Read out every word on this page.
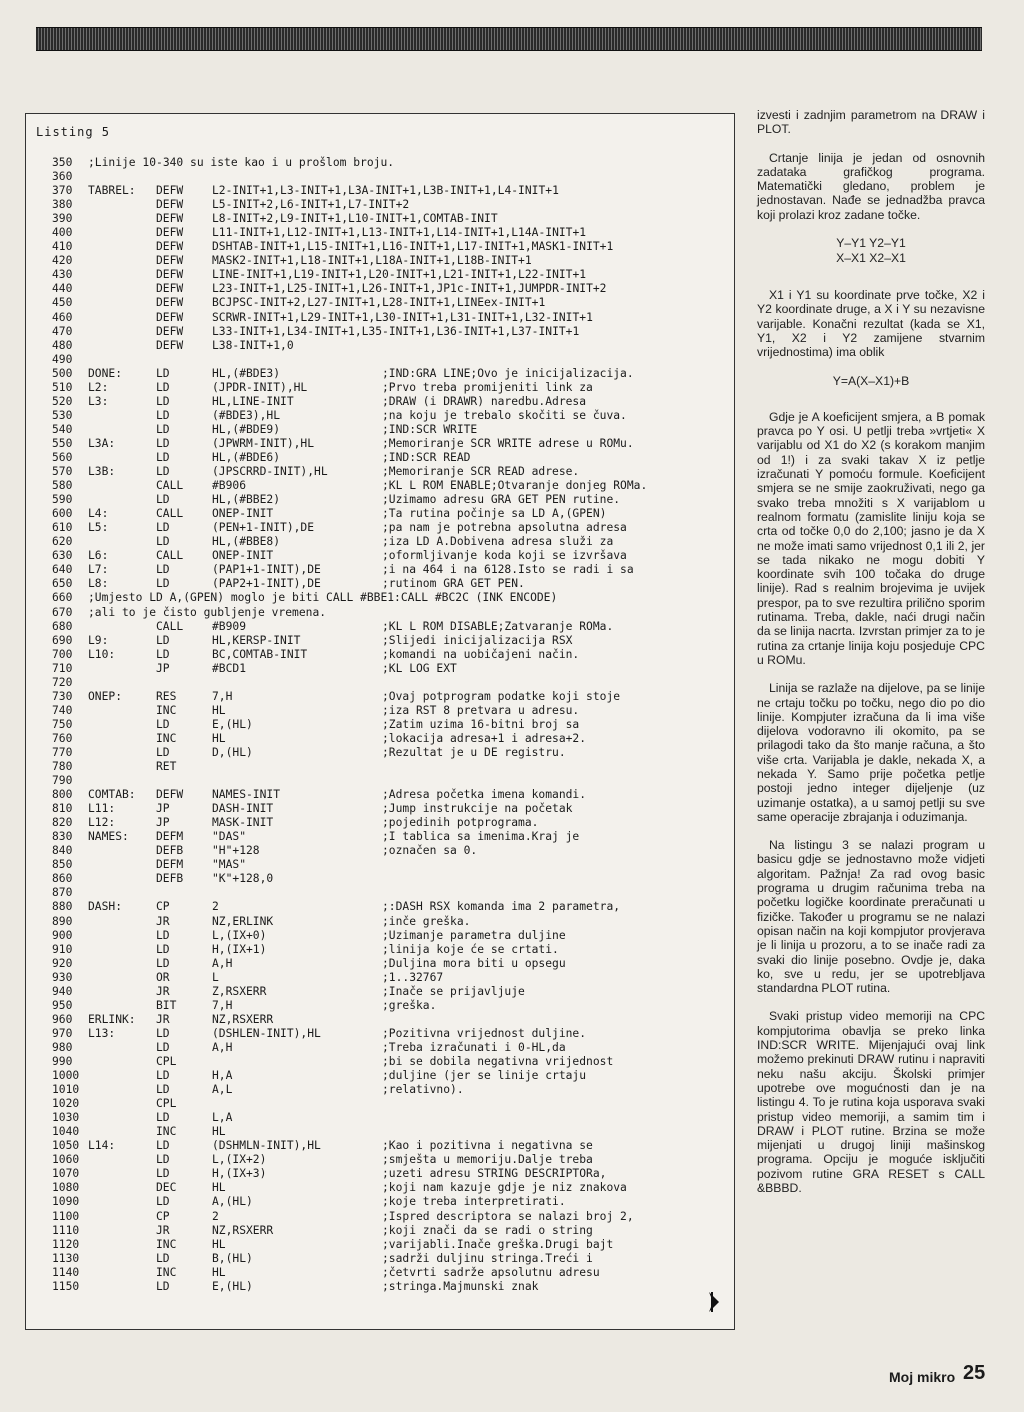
Listing 5
350 ;Linije 10-340 su iste kao i u prošlom broju.
360
370 TABREL: DEFW	L2-INIT+1,L3-INIT+1,L3A-INIT+1,L3B-INIT+1,L4-INIT+1
380	DEFW	L5-INIT+2,L6-INIT+1,L7-INIT+2
390	DEFW	L8-INIT+2,L9-INIT+1,L10-INIT+1,COMTAB-INIT
400	DEFW	L11-INIT+1,L12-INIT+1,L13-INIT+1,L14-INIT+1,L14A-INIT+1
410	DEFW	DSHTAB-INIT+1,L15-INIT+1,L16-INIT+1,L17-INIT+1,MASK1-INIT+1
420	DEFW	MASK2-INIT+1,L18-INIT+1,L18A-INIT+1,L18B-INIT+1
430	DEFW	LINE-INIT+1,L19-INIT+1,L20-INIT+1,L21-INIT+1,L22-INIT+1
440	DEFW	L23-INIT+1,L25-INIT+1,L26-INIT+1,JP1c-INIT+1,JUMPDR-INIT+2
450	DEFW	BCJPSC-INIT+2,L27-INIT+1,L28-INIT+1,LINEex-INIT+1
460	DEFW	SCRWR-INIT+1,L29-INIT+1,L30-INIT+1,L31-INIT+1,L32-INIT+1
470	DEFW	L33-INIT+1,L34-INIT+1,L35-INIT+1,L36-INIT+1,L37-INIT+1
480	DEFW	L38-INIT+1,0
490
500 DONE:	LD	HL,(#BDE3)	;IND:GRA LINE;Ovo je inicijalizacija.
510 L2:	LD	(JPDR-INIT),HL	;Prvo treba promijeniti link za
520 L3:	LD	HL,LINE-INIT	;DRAW (i DRAWR) naredbu.Adresa
530	LD	(#BDE3),HL	;na koju je trebalo skočiti se čuva.
540	LD	HL,(#BDE9)	;IND:SCR WRITE
550 L3A:	LD	(JPWRM-INIT),HL	;Memoriranje SCR WRITE adrese u ROMu.
560	LD	HL,(#BDE6)	;IND:SCR READ
570 L3B:	LD	(JPSCRRD-INIT),HL	;Memoriranje SCR READ adrese.
580	CALL	#B906	;KL L ROM ENABLE;Otvaranje donjeg ROMa.
590	LD	HL,(#BBE2)	;Uzimamo adresu GRA GET PEN rutine.
600 L4:	CALL	ONEP-INIT	;Ta rutina počinje sa LD A,(GPEN)
610 L5:	LD	(PEN+1-INIT),DE	;pa nam je potrebna apsolutna adresa
620	LD	HL,(#BBE8)	;iza LD A.Dobivena adresa služi za
630 L6:	CALL	ONEP-INIT	;oformljivanje koda koji se izvršava
640 L7:	LD	(PAP1+1-INIT),DE	;i na 464 i na 6128.Isto se radi i sa
650 L8:	LD	(PAP2+1-INIT),DE	;rutinom GRA GET PEN.
660 ;Umjesto LD A,(GPEN) moglo je biti CALL #BBE1:CALL #BC2C (INK ENCODE)
670 ;ali to je čisto gubljenje vremena.
680	CALL	#B909	;KL L ROM DISABLE;Zatvaranje ROMa.
690 L9:	LD	HL,KERSP-INIT	;Slijedi inicijalizacija RSX
700 L10:	LD	BC,COMTAB-INIT	;komandi na uobičajeni način.
710	JP	#BCD1	;KL LOG EXT
720
730 ONEP:	RES	7,H	;Ovaj potprogram podatke koji stoje
740	INC	HL	;iza RST 8 pretvara u adresu.
750	LD	E,(HL)	;Zatim uzima 16-bitni broj sa
760	INC	HL	;lokacija adresa+1 i adresa+2.
770	LD	D,(HL)	;Rezultat je u DE registru.
780	RET
790
800 COMTAB: DEFW	NAMES-INIT	;Adresa početka imena komandi.
810 L11:	JP	DASH-INIT	;Jump instrukcije na početak
820 L12:	JP	MASK-INIT	;pojedinih potprograma.
830 NAMES: DEFM	"DAS"	;I tablica sa imenima.Kraj je
840	DEFB	"H"+128	;označen sa 0.
850	DEFM	"MAS"
860	DEFB	"K"+128,0
870
880 DASH:	CP	2	;:DASH RSX komanda ima 2 parametra,
890	JR	NZ,ERLINK	;inče greška.
900	LD	L,(IX+0)	;Uzimanje parametra duljine
910	LD	H,(IX+1)	;linija koje će se crtati.
920	LD	A,H	;Duljina mora biti u opsegu
930	OR	L	;1..32767
940	JR	Z,RSXERR	;Inače se prijavljuje
950	BIT	7,H	;greška.
960 ERLINK: JR	NZ,RSXERR
970 L13:	LD	(DSHLEN-INIT),HL	;Pozitivna vrijednost duljine.
980	LD	A,H	;Treba izračunati i 0-HL,da
990	CPL	;bi se dobila negativna vrijednost
1000	LD	H,A	;duljine (jer se linije crtaju
1010	LD	A,L	;relativno).
1020	CPL
1030	LD	L,A
1040	INC	HL
1050 L14:	LD	(DSHMLN-INIT),HL	;Kao i pozitivna i negativna se
1060	LD	L,(IX+2)	;smješta u memoriju.Dalje treba
1070	LD	H,(IX+3)	;uzeti adresu STRING DESCRIPTORa,
1080	DEC	HL	;koji nam kazuje gdje je niz znakova
1090	LD	A,(HL)	;koje treba interpretirati.
1100	CP	2	;Ispred descriptora se nalazi broj 2,
1110	JR	NZ,RSXERR	;koji znači da se radi o string
1120	INC	HL	;varijabli.Inače greška.Drugi bajt
1130	LD	B,(HL)	;sadrži duljinu stringa.Treći i
1140	INC	HL	;četvrti sadrže apsolutnu adresu
1150	LD	E,(HL)	;stringa.Majmunski znak

izvesti i zadnjim parametrom na DRAW i PLOT.

Crtanje linija je jedan od osnovnih zadataka grafičkog programa. Matematički gledano, problem je jednostavan. Nađe se jednadžba pravca koji prolazi kroz zadane točke.

Y–Y1 Y2–Y1
X–X1 X2–X1

X1 i Y1 su koordinate prve točke, X2 i Y2 koordinate druge, a X i Y su nezavisne varijable. Konačni rezultat (kada se X1, Y1, X2 i Y2 zamijene stvarnim vrijednostima) ima oblik

Y=A(X–X1)+B

Gdje je A koeficijent smjera, a B pomak pravca po Y osi. U petlji treba »vrtjeti« X varijablu od X1 do X2 (s korakom manjim od 1!) i za svaki takav X iz petlje izračunati Y pomoću formule. Koeficijent smjera se ne smije zaokruživati, nego ga svako treba množiti s X varijablom u realnom formatu (zamislite liniju koja se crta od točke 0,0 do 2,100; jasno je da X ne može imati samo vrijednost 0,1 ili 2, jer se tada nikako ne mogu dobiti Y koordinate svih 100 točaka do druge linije). Rad s realnim brojevima je uvijek prespor, pa to sve rezultira prilično sporim rutinama. Treba, dakle, naći drugi način da se linija nacrta. Izvrstan primjer za to je rutina za crtanje linija koju posjeduje CPC u ROMu.

Linija se razlaže na dijelove, pa se linije ne crtaju točku po točku, nego dio po dio linije. Kompjuter izračuna da li ima više dijelova vodoravno ili okomito, pa se prilagodi tako da što manje računa, a što više crta. Varijabla je dakle, nekada X, a nekada Y. Samo prije početka petlje postoji jedno integer dijeljenje (uz uzimanje ostatka), a u samoj petlji su sve same operacije zbrajanja i oduzimanja.

Na listingu 3 se nalazi program u basicu gdje se jednostavno može vidjeti algoritam. Pažnja! Za rad ovog basic programa u drugim računima treba na početku logičke koordinate preračunati u fizičke. Također u programu se ne nalazi opisan način na koji kompjutor provjerava je li linija u prozoru, a to se inače radi za svaki dio linije posebno. Ovdje je, daka ko, sve u redu, jer se upotrebljava standardna PLOT rutina.

Svaki pristup video memoriji na CPC kompjutorima obavlja se preko linka IND:SCR WRITE. Mijenjajući ovaj link možemo prekinuti DRAW rutinu i napraviti neku našu akciju. Školski primjer upotrebe ove mogućnosti dan je na listingu 4. To je rutina koja usporava svaki pristup video memoriji, a samim tim i DRAW i PLOT rutine. Brzina se može mijenjati u drugoj liniji mašinskog programa. Opciju je moguće isključiti pozivom rutine GRA RESET s CALL &BBBD.

Moj mikro 25
